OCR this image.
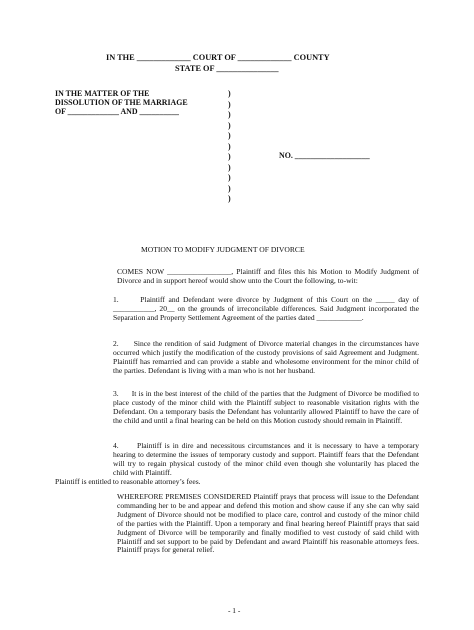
IN THE _____________ COURT OF _____________ COUNTY
STATE OF _______________
IN THE MATTER OF THE
DISSOLUTION OF THE MARRIAGE
OF _____________ AND __________
)
)
)
)
)
)
)
)
)
)
)
NO. ___________________
MOTION TO MODIFY JUDGMENT OF DIVORCE

COMES NOW _________________, Plaintiff and files this his Motion to Modify Judgment of Divorce and in support hereof would show unto the Court the following, to-wit:

1.	Plaintiff and Defendant were divorce by Judgment of this Court on the _____ day of ___________, 20__ on the grounds of irreconcilable differences. Said Judgment incorporated the Separation and Property Settlement Agreement of the parties dated ____________.

2. Since the rendition of said Judgment of Divorce material changes in the circumstances have occurred which justify the modification of the custody provisions of said Agreement and Judgment. Plaintiff has remarried and can provide a stable and wholesome environment for the minor child of the parties. Defendant is living with a man who is not her husband.

3. It is in the best interest of the child of the parties that the Judgment of Divorce be modified to place custody of the minor child with the Plaintiff subject to reasonable visitation rights with the Defendant. On a temporary basis the Defendant has voluntarily allowed Plaintiff to have the care of the child and until a final hearing can be held on this Motion custody should remain in Plaintiff.

4. Plaintiff is in dire and necessitous circumstances and it is necessary to have a temporary hearing to determine the issues of temporary custody and support. Plaintiff fears that the Defendant will try to regain physical custody of the minor child even though she voluntarily has placed the child with Plaintiff.

Plaintiff is entitled to reasonable attorney’s fees.

WHEREFORE PREMISES CONSIDERED Plaintiff prays that process will issue to the Defendant commanding her to be and appear and defend this motion and show cause if any she can why said Judgment of Divorce should not be modified to place care, control and custody of the minor child of the parties with the Plaintiff. Upon a temporary and final hearing hereof Plaintiff prays that said Judgment of Divorce will be temporarily and finally modified to vest custody of said child with Plaintiff and set support to be paid by Defendant and award Plaintiff his reasonable attorneys fees. Plaintiff prays for general relief.

- 1 -
